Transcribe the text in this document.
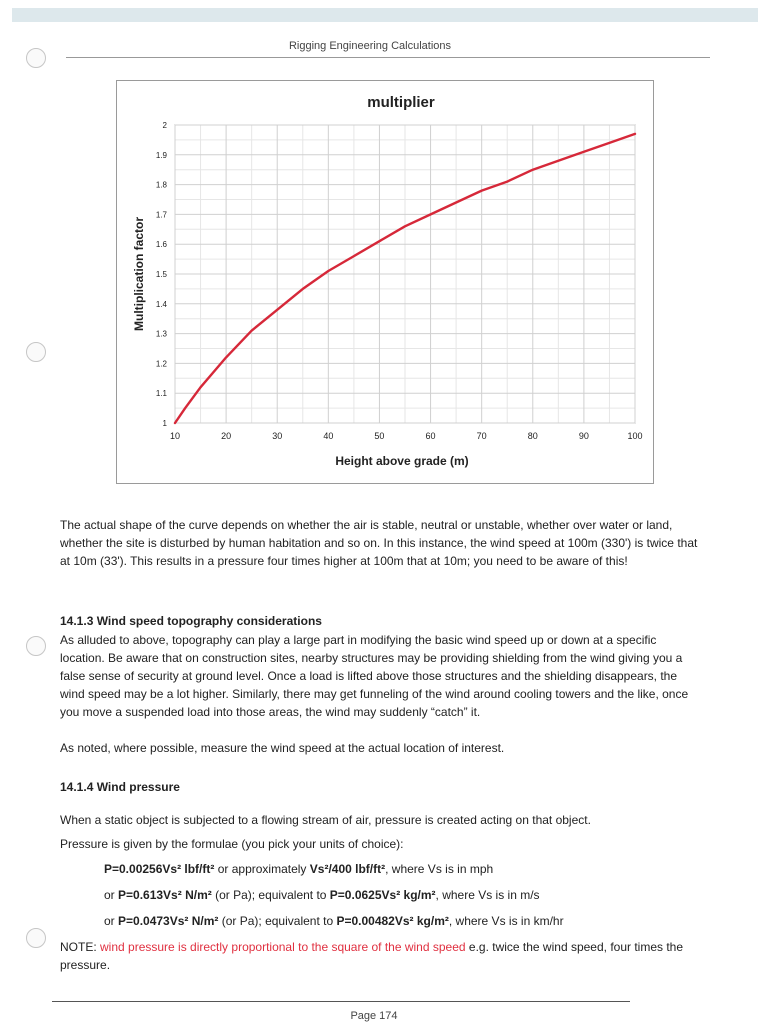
Rigging Engineering Calculations
10	20	30	40	50	60	70	80	90	100
1
1.1
1.2
1.3
1.4
1.5
1.6
1.7
1.8
1.9
2
multiplier
Height above grade (m)
Multiplication factor
The actual shape of the curve depends on whether the air is stable, neutral or unstable, whether over water or land, whether the site is disturbed by human habitation and so on. In this instance, the wind speed at 100m (330') is twice that at 10m (33'). This results in a pressure four times higher at 100m that at 10m; you need to be aware of this!
14.1.3 Wind speed topography considerations
As alluded to above, topography can play a large part in modifying the basic wind speed up or down at a specific location. Be aware that on construction sites, nearby structures may be providing shielding from the wind giving you a false sense of security at ground level. Once a load is lifted above those structures and the shielding disappears, the wind speed may be a lot higher. Similarly, there may get funneling of the wind around cooling towers and the like, once you move a suspended load into those areas, the wind may suddenly “catch” it.
As noted, where possible, measure the wind speed at the actual location of interest.
14.1.4 Wind pressure
When a static object is subjected to a flowing stream of air, pressure is created acting on that object.
Pressure is given by the formulae (you pick your units of choice):
P=0.00256Vs² lbf/ft² or approximately Vs²/400 lbf/ft², where Vs is in mph
or P=0.613Vs² N/m² (or Pa); equivalent to P=0.0625Vs² kg/m², where Vs is in m/s
or P=0.0473Vs² N/m² (or Pa); equivalent to P=0.00482Vs² kg/m², where Vs is in km/hr
NOTE: wind pressure is directly proportional to the square of the wind speed e.g. twice the wind speed, four times the pressure.
Page 174
